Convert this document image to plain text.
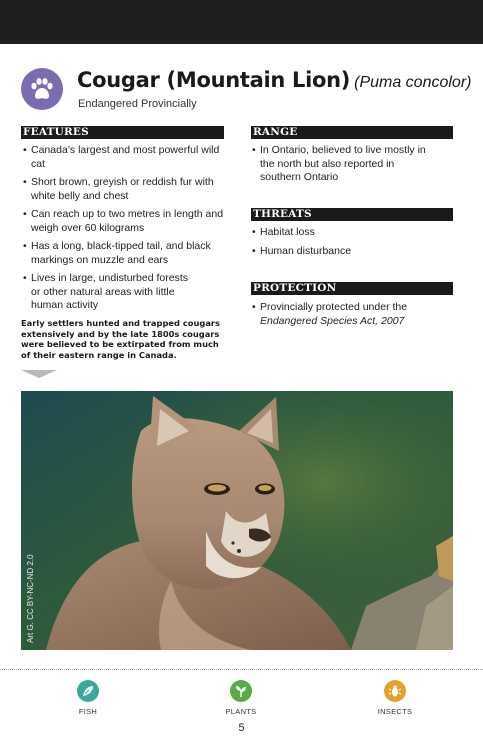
Cougar (Mountain Lion) (Puma concolor)
Endangered Provincially
FEATURES
• Canada’s largest and most powerful wild cat
• Short brown, greyish or reddish fur with white belly and chest
• Can reach up to two metres in length and weigh over 60 kilograms
• Has a long, black-tipped tail, and black markings on muzzle and ears
• Lives in large, undisturbed forests or other natural areas with little human activity
Early settlers hunted and trapped cougars extensively and by the late 1800s cougars were believed to be extirpated from much of their eastern range in Canada.
RANGE
• In Ontario, believed to live mostly in the north but also reported in southern Ontario
THREATS
• Habitat loss
• Human disturbance
PROTECTION
• Provincially protected under the
Endangered Species Act, 2007
Art G. CC BY-NC-ND 2.0
FISH	PLANTS	INSECTS
5
